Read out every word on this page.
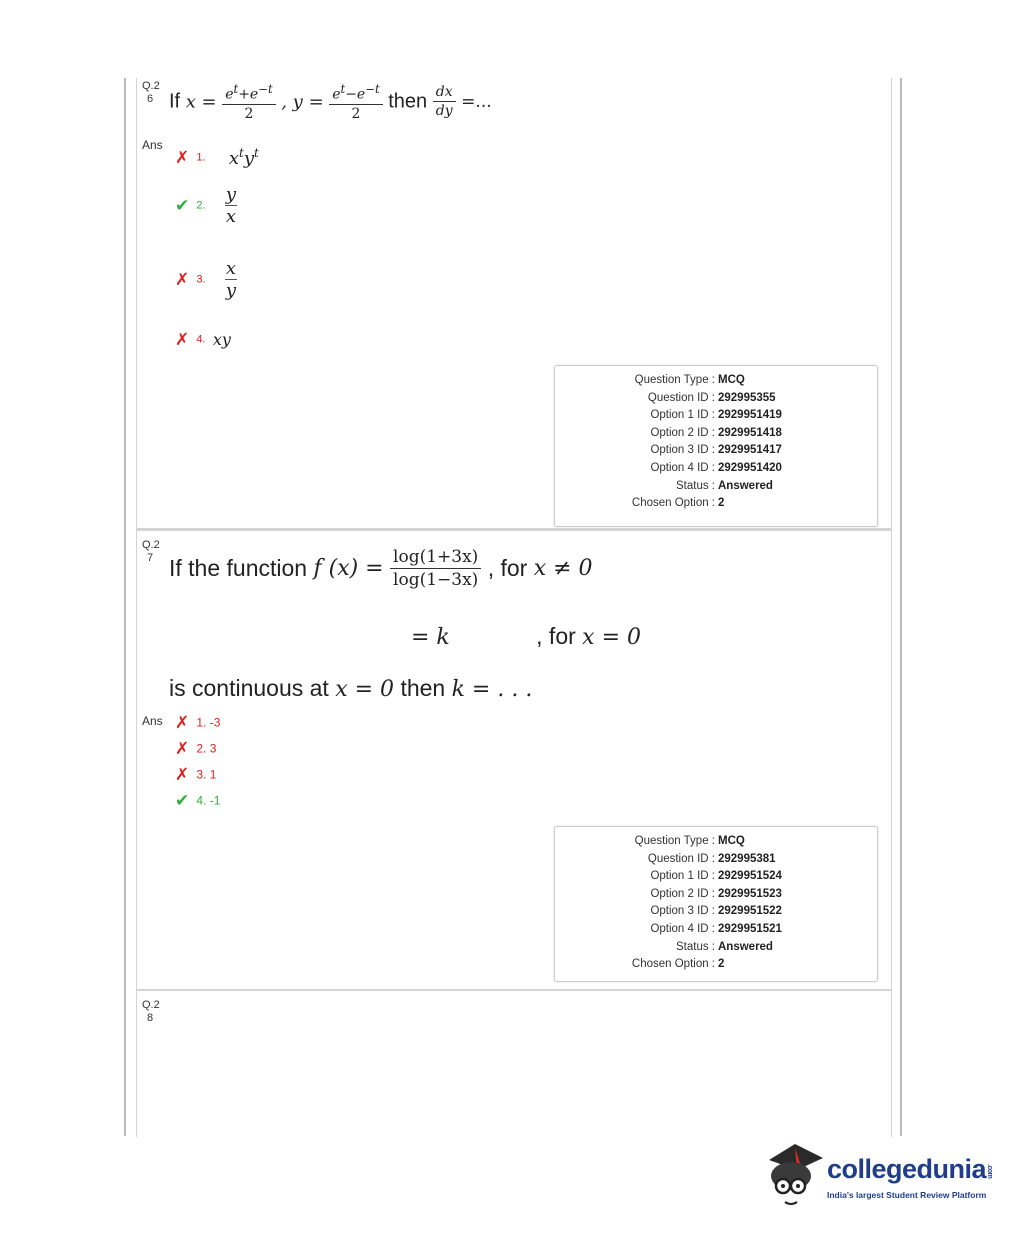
Q.2
6 If $x = \frac{e^t+e^{-t}}{2}$ , $y = \frac{e^t-e^{-t}}{2}$ then $\frac{dx}{dy}$ =...
Ans
✗ 1. $x^ty^t$
✔ 2. $\frac{y}{x}$
✗ 3. $\frac{x}{y}$
✗ 4. xy
Question Type : MCQ
Question ID : 292995355
Option 1 ID : 2929951419
Option 2 ID : 2929951418
Option 3 ID : 2929951417
Option 4 ID : 2929951420
Status : Answered
Chosen Option : 2
Q.2
7 If the function f $(x) = \frac{\log(1+3x)}{\log(1-3x)}$ , for x ≠ 0
= k	, for x = 0
is continuous at x = 0 then k = . . .
Ans ✗ 1. -3
✗ 2. 3
✗ 3. 1
✔ 4. -1
Question Type : MCQ
Question ID : 292995381
Option 1 ID : 2929951524
Option 2 ID : 2929951523
Option 3 ID : 2929951522
Option 4 ID : 2929951521
Status : Answered
Chosen Option : 2
Q.2
8
collegedunia.com
India's largest Student Review Platform
